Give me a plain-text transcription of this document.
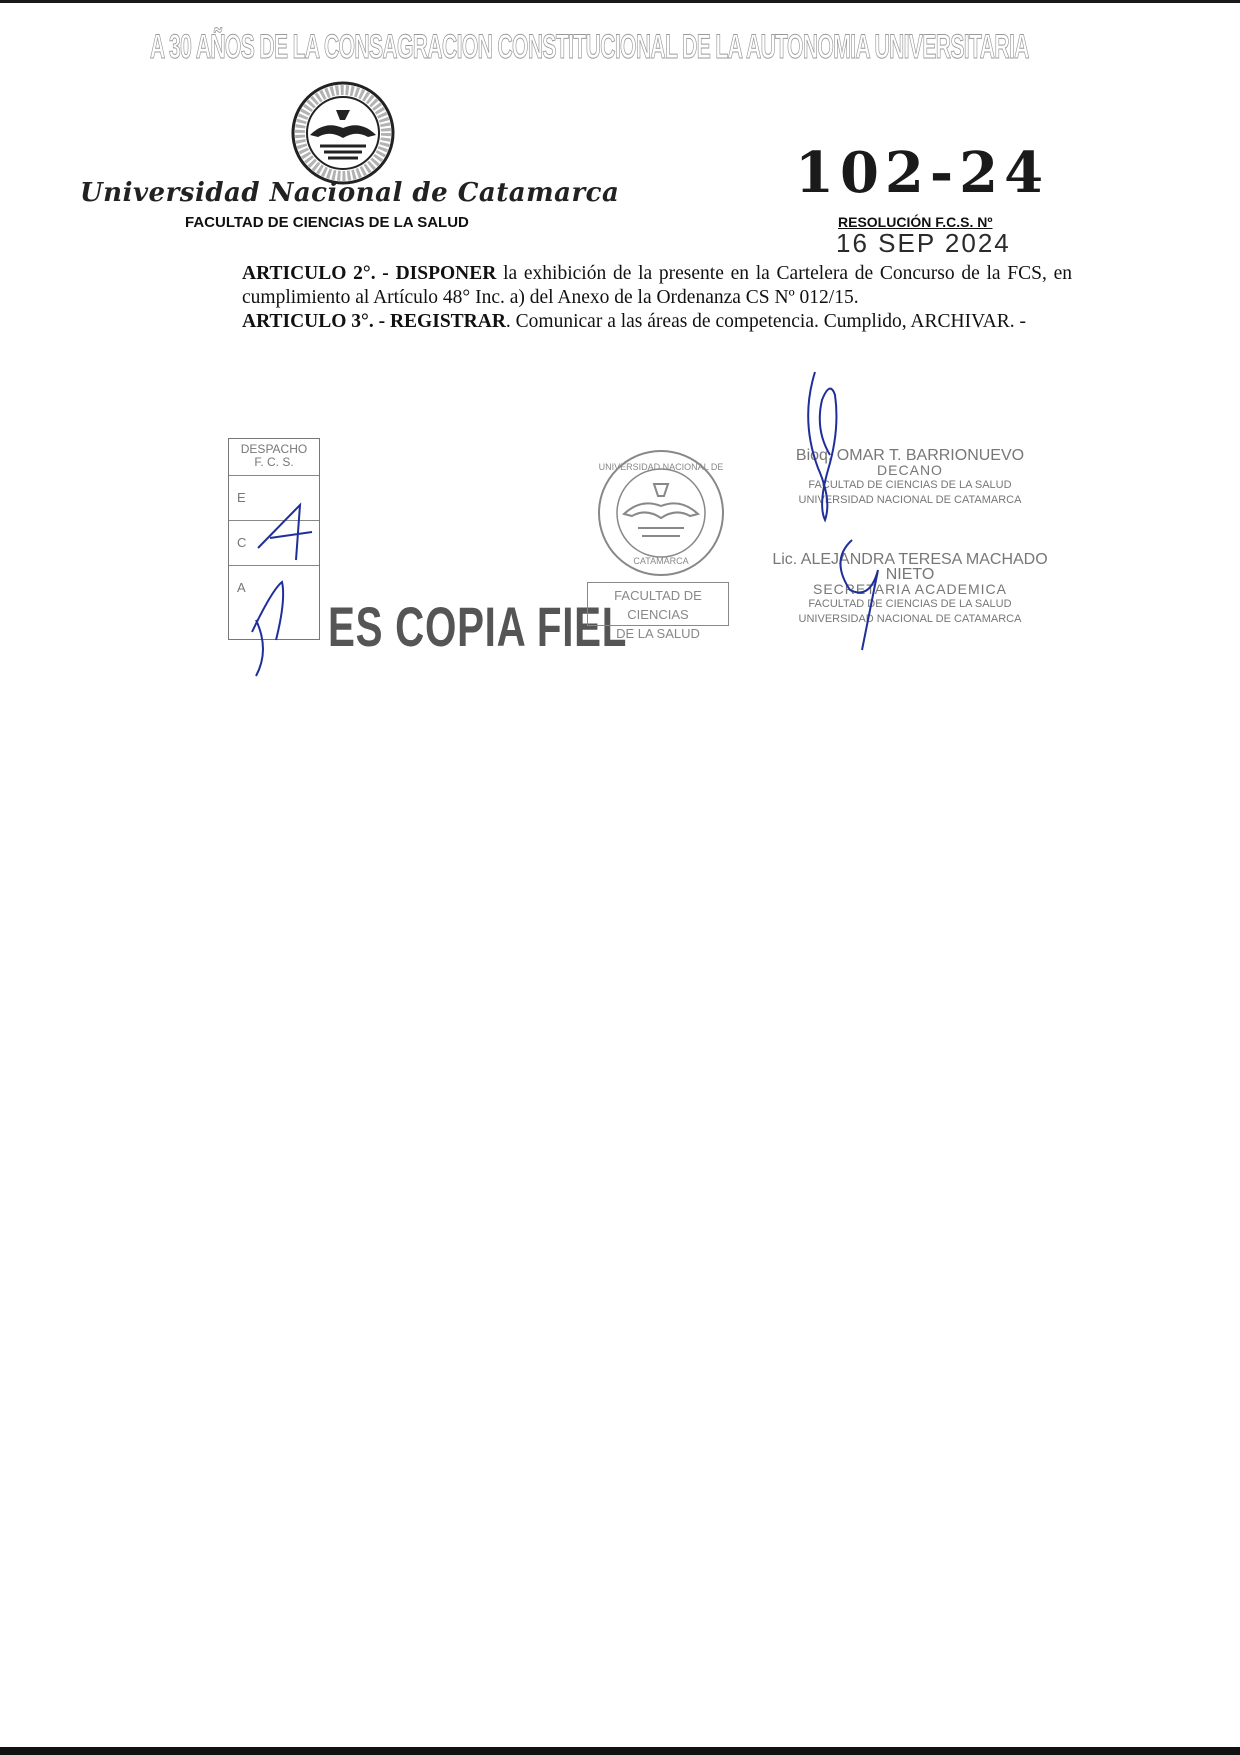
A 30 AÑOS DE LA CONSAGRACION CONSTITUCIONAL DE LA AUTONOMIA UNIVERSITARIA
Universidad Nacional de Catamarca
FACULTAD DE CIENCIAS DE LA SALUD
102-24
RESOLUCIÓN F.C.S. Nº
16 SEP 2024

ARTICULO 2°. - DISPONER la exhibición de la presente en la Cartelera de Concurso de la FCS, en cumplimiento al Artículo 48° Inc. a) del Anexo de la Ordenanza CS Nº 012/15.

ARTICULO 3°. - REGISTRAR. Comunicar a las áreas de competencia. Cumplido, ARCHIVAR. -

DESPACHO
F. C. S.
E
C
A
ES COPIA FIEL
UNIVERSIDAD NACIONAL DE
CATAMARCA
FACULTAD DE CIENCIAS
DE LA SALUD
Bioq. OMAR T. BARRIONUEVO
DECANO
FACULTAD DE CIENCIAS DE LA SALUD
UNIVERSIDAD NACIONAL DE CATAMARCA
Lic. ALEJANDRA TERESA MACHADO NIETO
SECRETARIA ACADEMICA
FACULTAD DE CIENCIAS DE LA SALUD
UNIVERSIDAD NACIONAL DE CATAMARCA
